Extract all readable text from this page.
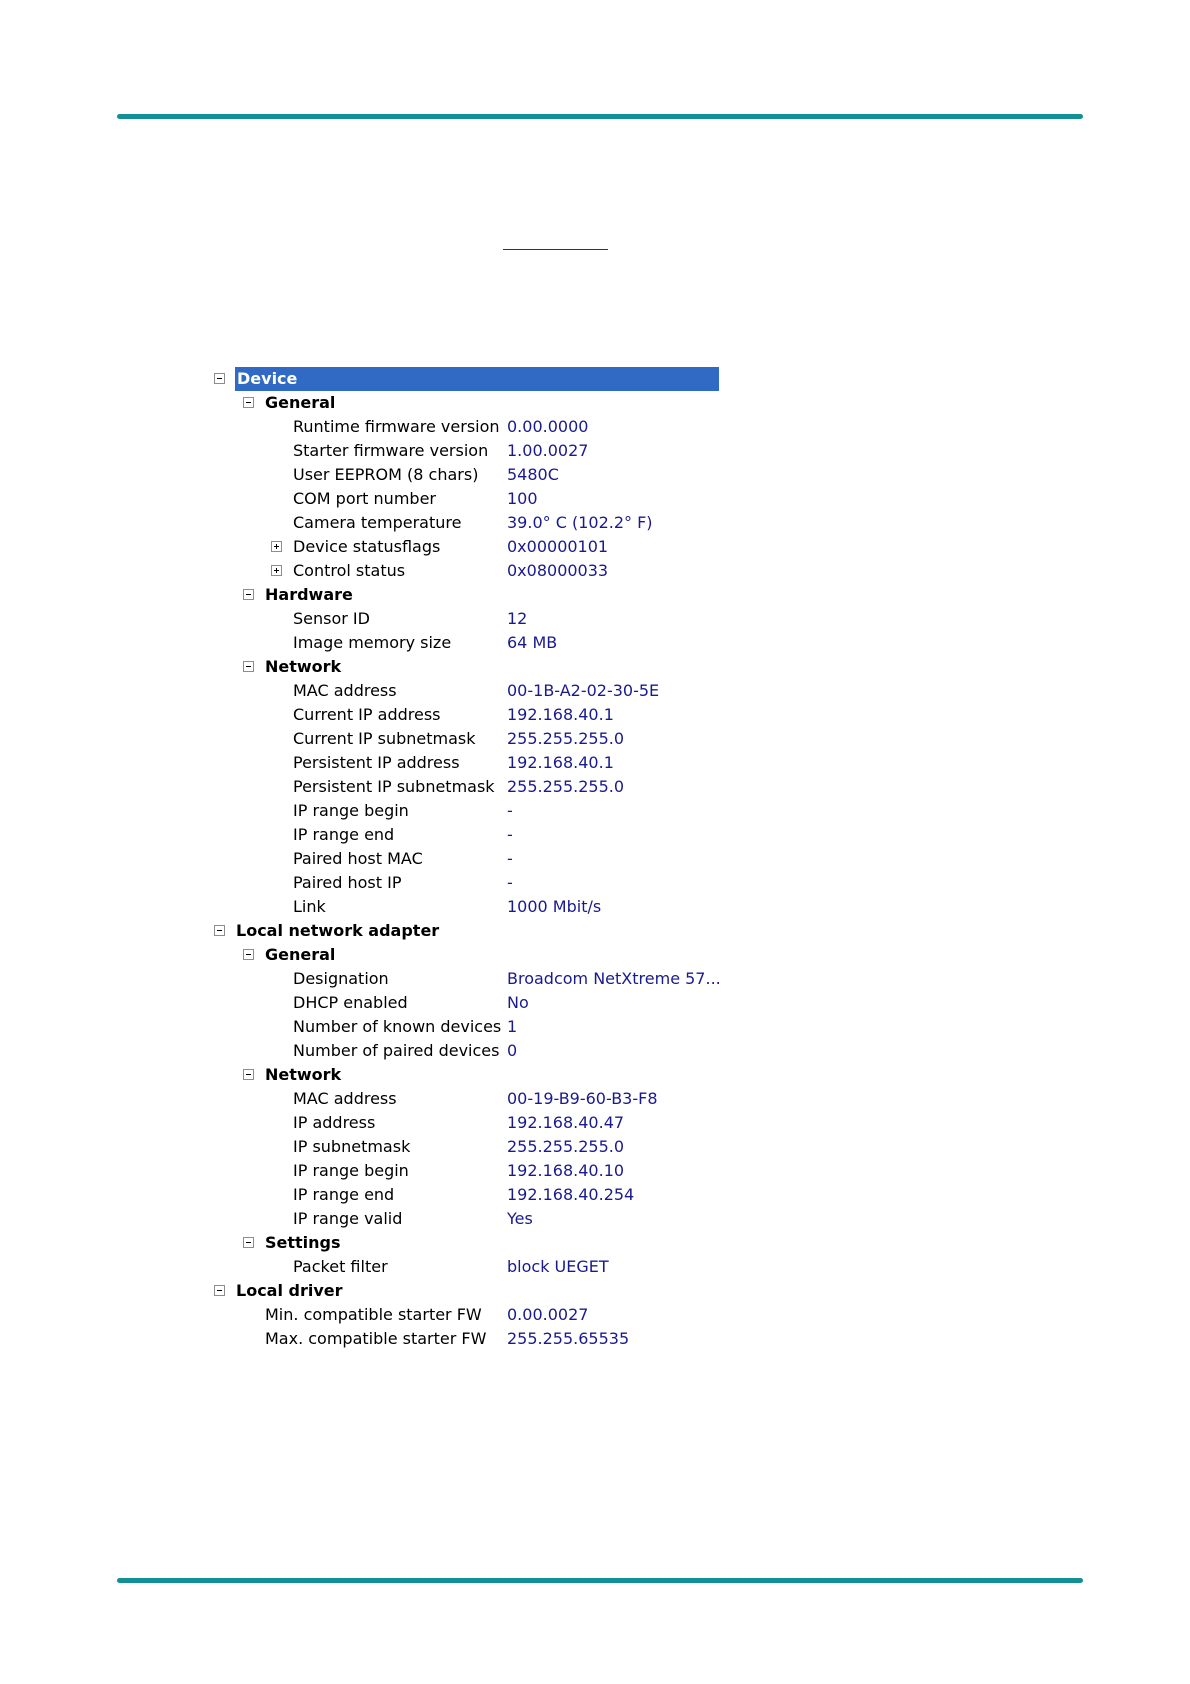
Device
General
Runtime firmware version 0.00.0000
Starter firmware version 1.00.0027
User EEPROM (8 chars) 5480C
COM port number	100
Camera temperature	39.0° C (102.2° F)
Device statusflags	0x00000101
Control status	0x08000033
Hardware
Sensor ID	12
Image memory size	64 MB
Network
MAC address	00-1B-A2-02-30-5E
Current IP address	192.168.40.1
Current IP subnetmask 255.255.255.0
Persistent IP address	192.168.40.1
Persistent IP subnetmask 255.255.255.0
IP range begin	-
IP range end	-
Paired host MAC	-
Paired host IP	-
Link	1000 Mbit/s
Local network adapter
General
Designation	Broadcom NetXtreme 57...
DHCP enabled	No
Number of known devices 1
Number of paired devices 0
Network
MAC address	00-19-B9-60-B3-F8
IP address	192.168.40.47
IP subnetmask	255.255.255.0
IP range begin	192.168.40.10
IP range end	192.168.40.254
IP range valid	Yes
Settings
Packet filter	block UEGET
Local driver
Min. compatible starter FW 0.00.0027
Max. compatible starter FW 255.255.65535
